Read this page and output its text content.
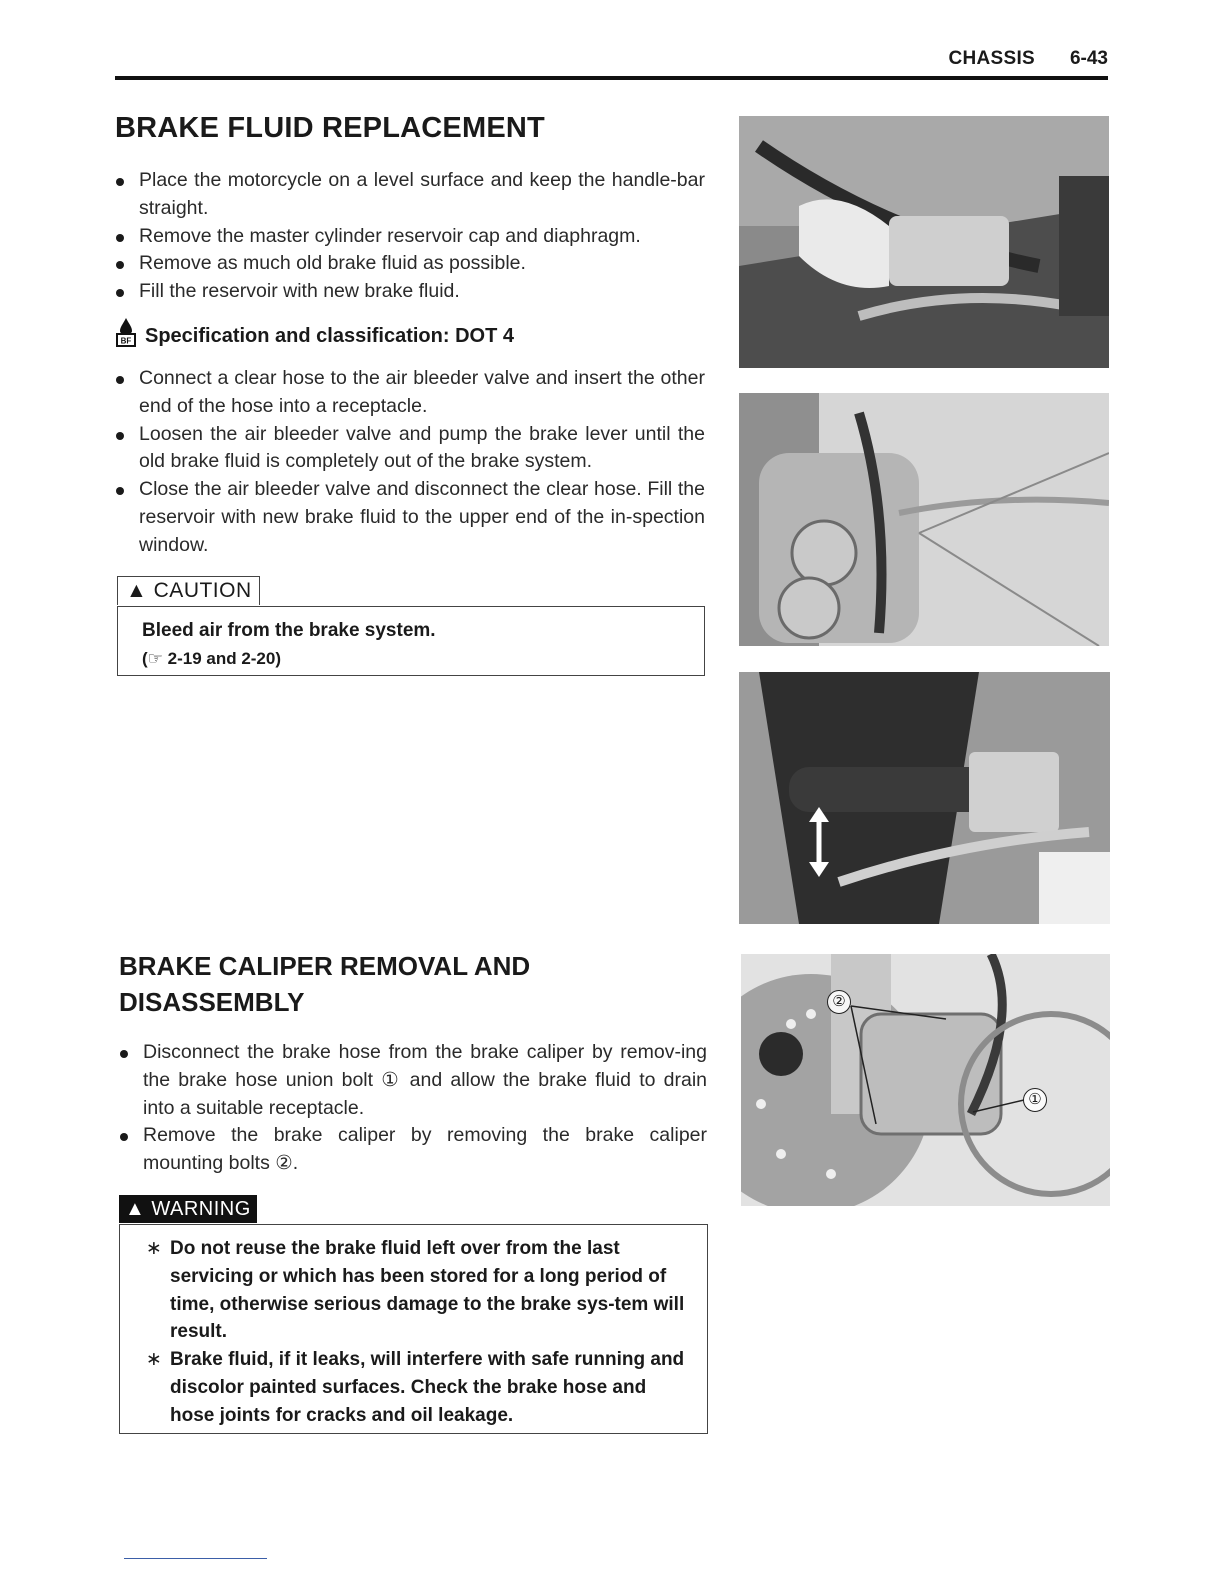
CHASSIS 6-43
BRAKE FLUID REPLACEMENT
Place the motorcycle on a level surface and keep the handle-bar straight.
Remove the master cylinder reservoir cap and diaphragm.
Remove as much old brake fluid as possible.
Fill the reservoir with new brake fluid.
BF Specification and classification: DOT 4
Connect a clear hose to the air bleeder valve and insert the other end of the hose into a receptacle.
Loosen the air bleeder valve and pump the brake lever until the old brake fluid is completely out of the brake system.
Close the air bleeder valve and disconnect the clear hose. Fill the reservoir with new brake fluid to the upper end of the in-spection window.
▲ CAUTION
Bleed air from the brake system.
(☞ 2-19 and 2-20)
BRAKE CALIPER REMOVAL AND DISASSEMBLY
Disconnect the brake hose from the brake caliper by remov-ing the brake hose union bolt ① and allow the brake fluid to drain into a suitable receptacle.
Remove the brake caliper by removing the brake caliper mounting bolts ②.
▲ WARNING
∗ Do not reuse the brake fluid left over from the last servicing or which has been stored for a long period of time, otherwise serious damage to the brake sys-tem will result.
∗ Brake fluid, if it leaks, will interfere with safe running and discolor painted surfaces. Check the brake hose and hose joints for cracks and oil leakage.
②
①
